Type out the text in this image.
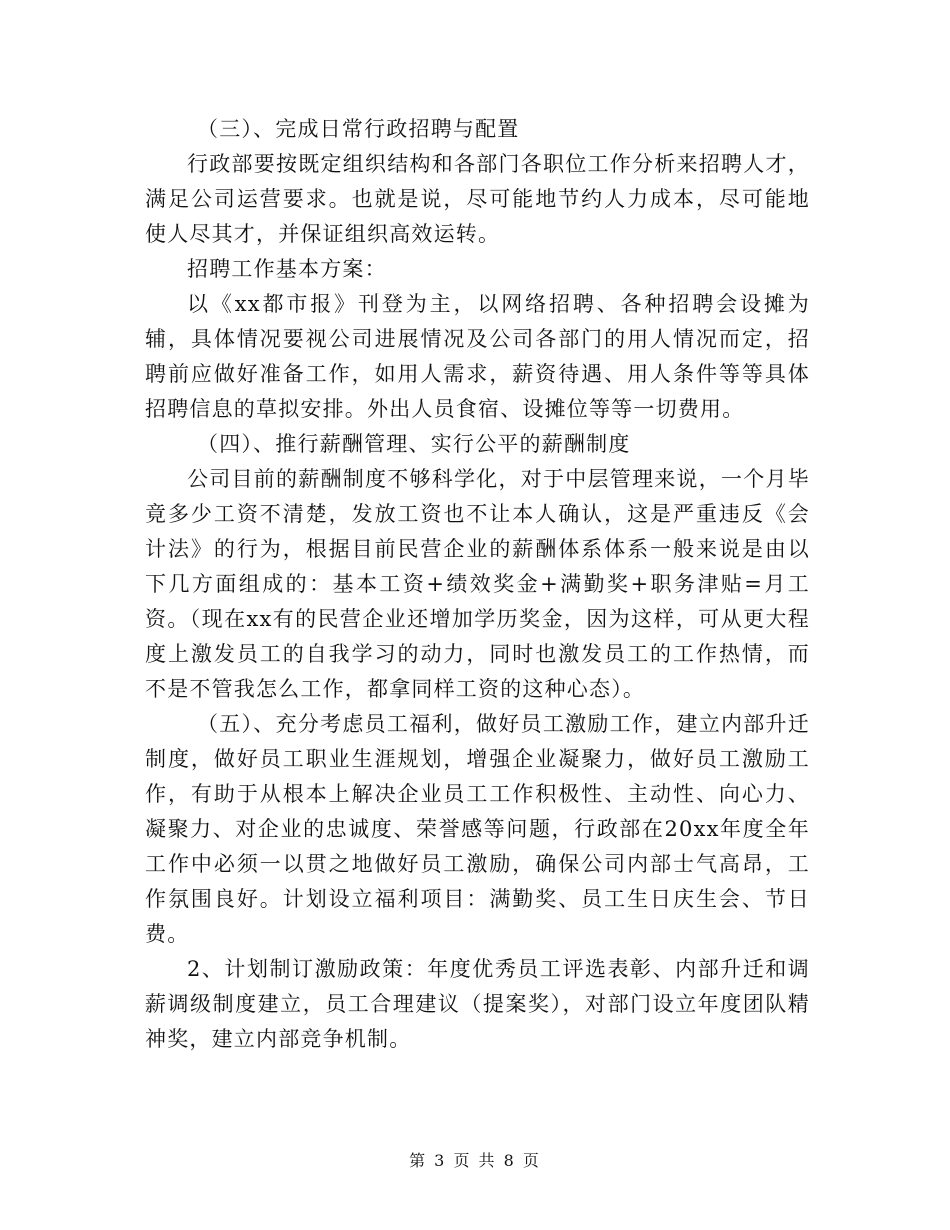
（三）、完成日常行政招聘与配置

行政部要按既定组织结构和各部门各职位工作分析来招聘人才，满足公司运营要求。也就是说，尽可能地节约人力成本，尽可能地使人尽其才，并保证组织高效运转。

招聘工作基本方案：

以《xx都市报》刊登为主，以网络招聘、各种招聘会设摊为辅，具体情况要视公司进展情况及公司各部门的用人情况而定，招聘前应做好准备工作，如用人需求，薪资待遇、用人条件等等具体招聘信息的草拟安排。外出人员食宿、设摊位等等一切费用。

（四）、推行薪酬管理、实行公平的薪酬制度

公司目前的薪酬制度不够科学化，对于中层管理来说，一个月毕竟多少工资不清楚，发放工资也不让本人确认，这是严重违反《会计法》的行为，根据目前民营企业的薪酬体系体系一般来说是由以下几方面组成的：基本工资+绩效奖金+满勤奖+职务津贴=月工资。（现在xx有的民营企业还增加学历奖金，因为这样，可从更大程度上激发员工的自我学习的动力，同时也激发员工的工作热情，而不是不管我怎么工作，都拿同样工资的这种心态）。

（五）、充分考虑员工福利，做好员工激励工作，建立内部升迁制度，做好员工职业生涯规划，增强企业凝聚力，做好员工激励工作，有助于从根本上解决企业员工工作积极性、主动性、向心力、凝聚力、对企业的忠诚度、荣誉感等问题，行政部在20xx年度全年工作中必须一以贯之地做好员工激励，确保公司内部士气高昂，工作氛围良好。计划设立福利项目：满勤奖、员工生日庆生会、节日费。

2、计划制订激励政策：年度优秀员工评选表彰、内部升迁和调薪调级制度建立，员工合理建议（提案奖），对部门设立年度团队精神奖，建立内部竞争机制。

第 3 页 共 8 页
